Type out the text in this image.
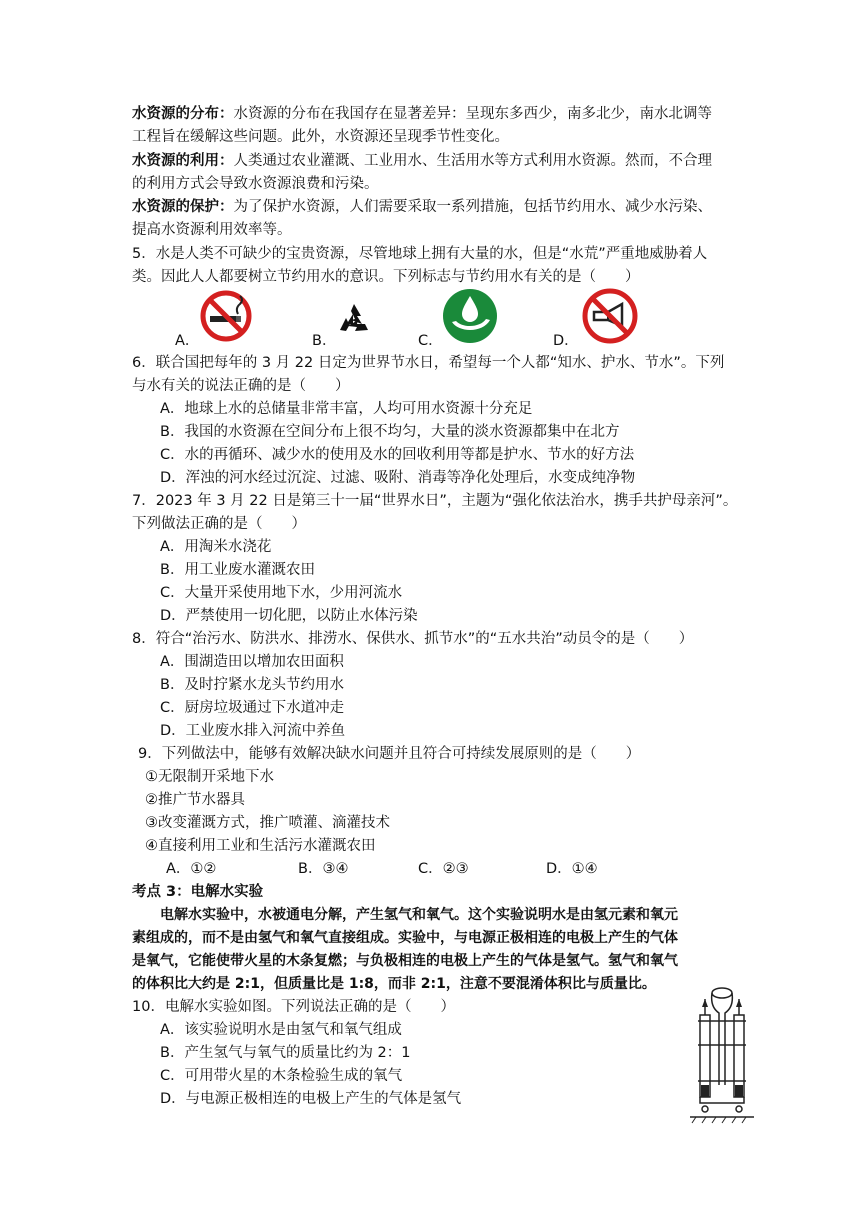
水资源的分布：水资源的分布在我国存在显著差异：呈现东多西少，南多北少，南水北调等
工程旨在缓解这些问题。此外，水资源还呈现季节性变化。
水资源的利用：人类通过农业灌溉、工业用水、生活用水等方式利用水资源。然而，不合理
的利用方式会导致水资源浪费和污染。
水资源的保护：为了保护水资源，人们需要采取一系列措施，包括节约用水、减少水污染、
提高水资源利用效率等。
5．水是人类不可缺少的宝贵资源，尽管地球上拥有大量的水，但是“水荒”严重地威胁着人
类。因此人人都要树立节约用水的意识。下列标志与节约用水有关的是（　　）
A．	B．	C．	D．
6．联合国把每年的 3 月 22 日定为世界节水日，希望每一个人都“知水、护水、节水”。下列
与水有关的说法正确的是（　　）
A．地球上水的总储量非常丰富，人均可用水资源十分充足
B．我国的水资源在空间分布上很不均匀，大量的淡水资源都集中在北方
C．水的再循环、减少水的使用及水的回收利用等都是护水、节水的好方法
D．浑浊的河水经过沉淀、过滤、吸附、消毒等净化处理后，水变成纯净物
7．2023 年 3 月 22 日是第三十一届“世界水日”，主题为“强化依法治水，携手共护母亲河”。
下列做法正确的是（　　）
A．用淘米水浇花
B．用工业废水灌溉农田
C．大量开采使用地下水，少用河流水
D．严禁使用一切化肥，以防止水体污染
8．符合“治污水、防洪水、排涝水、保供水、抓节水”的“五水共治”动员令的是（　　）
A．围湖造田以增加农田面积
B．及时拧紧水龙头节约用水
C．厨房垃圾通过下水道冲走
D．工业废水排入河流中养鱼
9．下列做法中，能够有效解决缺水问题并且符合可持续发展原则的是（　　）
①无限制开采地下水
②推广节水器具
③改变灌溉方式，推广喷灌、滴灌技术
④直接利用工业和生活污水灌溉农田
A．①②	B．③④	C．②③	D．①④
考点 3：电解水实验
电解水实验中，水被通电分解，产生氢气和氧气。这个实验说明水是由氢元素和氧元
素组成的，而不是由氢气和氧气直接组成。实验中，与电源正极相连的电极上产生的气体
是氧气，它能使带火星的木条复燃；与负极相连的电极上产生的气体是氢气。氢气和氧气
的体积比大约是 2:1，但质量比是 1:8，而非 2:1，注意不要混淆体积比与质量比。
10．电解水实验如图。下列说法正确的是（　　）
A．该实验说明水是由氢气和氧气组成
B．产生氢气与氧气的质量比约为 2：1
C．可用带火星的木条检验生成的氧气
D．与电源正极相连的电极上产生的气体是氢气
